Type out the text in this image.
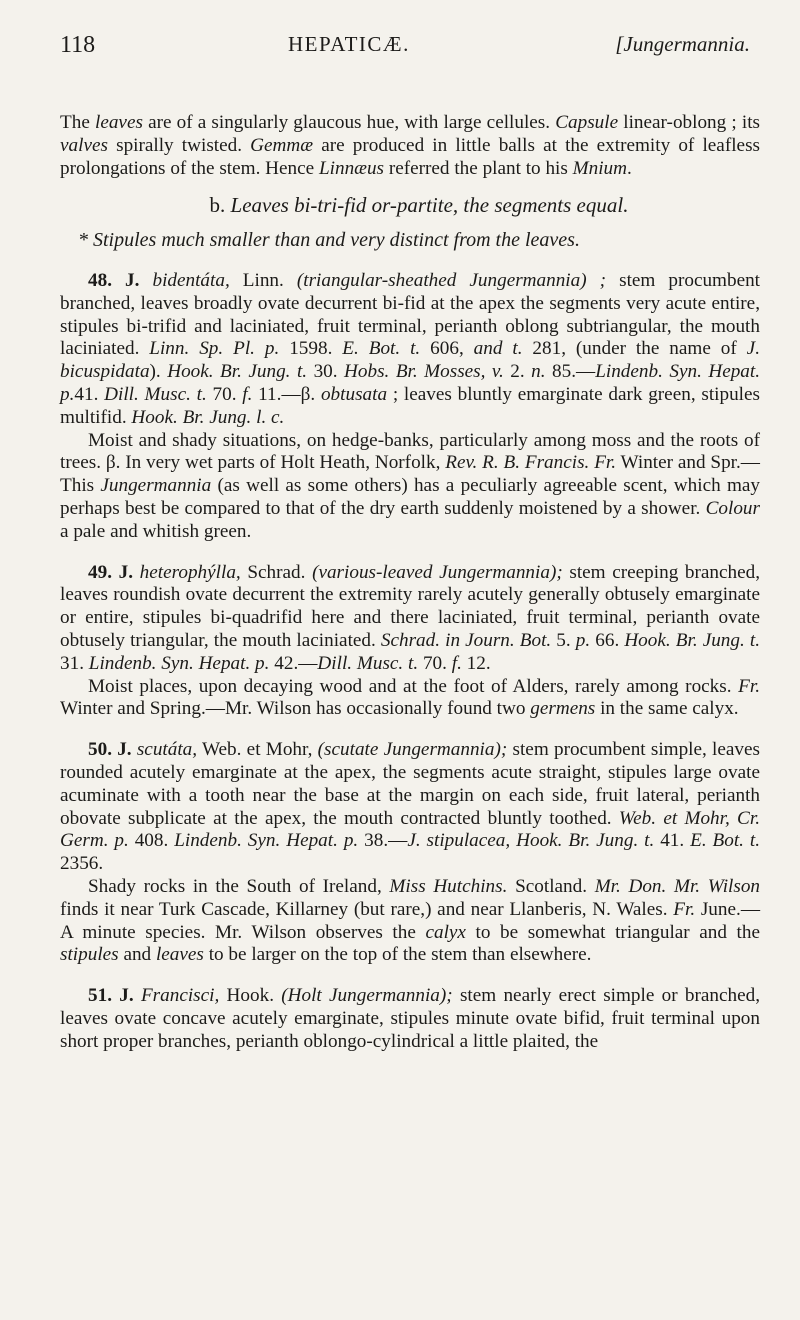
118	HEPATICÆ.	[Jungermannia.

The leaves are of a singularly glaucous hue, with large cellules. Capsule linear-oblong ; its valves spirally twisted. Gemmæ are produced in little balls at the extremity of leafless prolongations of the stem. Hence Linnæus referred the plant to his Mnium.

b. Leaves bi-tri-fid or-partite, the segments equal.
* Stipules much smaller than and very distinct from the leaves.

48. J. bidentáta, Linn. (triangular-sheathed Jungermannia) ; stem procumbent branched, leaves broadly ovate decurrent bi-fid at the apex the segments very acute entire, stipules bi-trifid and laciniated, fruit terminal, perianth oblong subtriangular, the mouth laciniated. Linn. Sp. Pl. p. 1598. E. Bot. t. 606, and t. 281, (under the name of J. bicuspidata). Hook. Br. Jung. t. 30. Hobs. Br. Mosses, v. 2. n. 85.—Lindenb. Syn. Hepat. p.41. Dill. Musc. t. 70. f. 11.—β. obtusata ; leaves bluntly emarginate dark green, stipules multifid. Hook. Br. Jung. l. c.

Moist and shady situations, on hedge-banks, particularly among moss and the roots of trees. β. In very wet parts of Holt Heath, Norfolk, Rev. R. B. Francis. Fr. Winter and Spr.—This Jungermannia (as well as some others) has a peculiarly agreeable scent, which may perhaps best be compared to that of the dry earth suddenly moistened by a shower. Colour a pale and whitish green.

49. J. heterophýlla, Schrad. (various-leaved Jungermannia); stem creeping branched, leaves roundish ovate decurrent the extremity rarely acutely generally obtusely emarginate or entire, stipules bi-quadrifid here and there laciniated, fruit terminal, perianth ovate obtusely triangular, the mouth laciniated. Schrad. in Journ. Bot. 5. p. 66. Hook. Br. Jung. t. 31. Lindenb. Syn. Hepat. p. 42.—Dill. Musc. t. 70. f. 12.

Moist places, upon decaying wood and at the foot of Alders, rarely among rocks. Fr. Winter and Spring.—Mr. Wilson has occasionally found two germens in the same calyx.

50. J. scutáta, Web. et Mohr, (scutate Jungermannia); stem procumbent simple, leaves rounded acutely emarginate at the apex, the segments acute straight, stipules large ovate acuminate with a tooth near the base at the margin on each side, fruit lateral, perianth obovate subplicate at the apex, the mouth contracted bluntly toothed. Web. et Mohr, Cr. Germ. p. 408. Lindenb. Syn. Hepat. p. 38.—J. stipulacea, Hook. Br. Jung. t. 41. E. Bot. t. 2356.

Shady rocks in the South of Ireland, Miss Hutchins. Scotland. Mr. Don. Mr. Wilson finds it near Turk Cascade, Killarney (but rare,) and near Llanberis, N. Wales. Fr. June.—A minute species. Mr. Wilson observes the calyx to be somewhat triangular and the stipules and leaves to be larger on the top of the stem than elsewhere.

51. J. Francisci, Hook. (Holt Jungermannia); stem nearly erect simple or branched, leaves ovate concave acutely emarginate, stipules minute ovate bifid, fruit terminal upon short proper branches, perianth oblongo-cylindrical a little plaited, the
